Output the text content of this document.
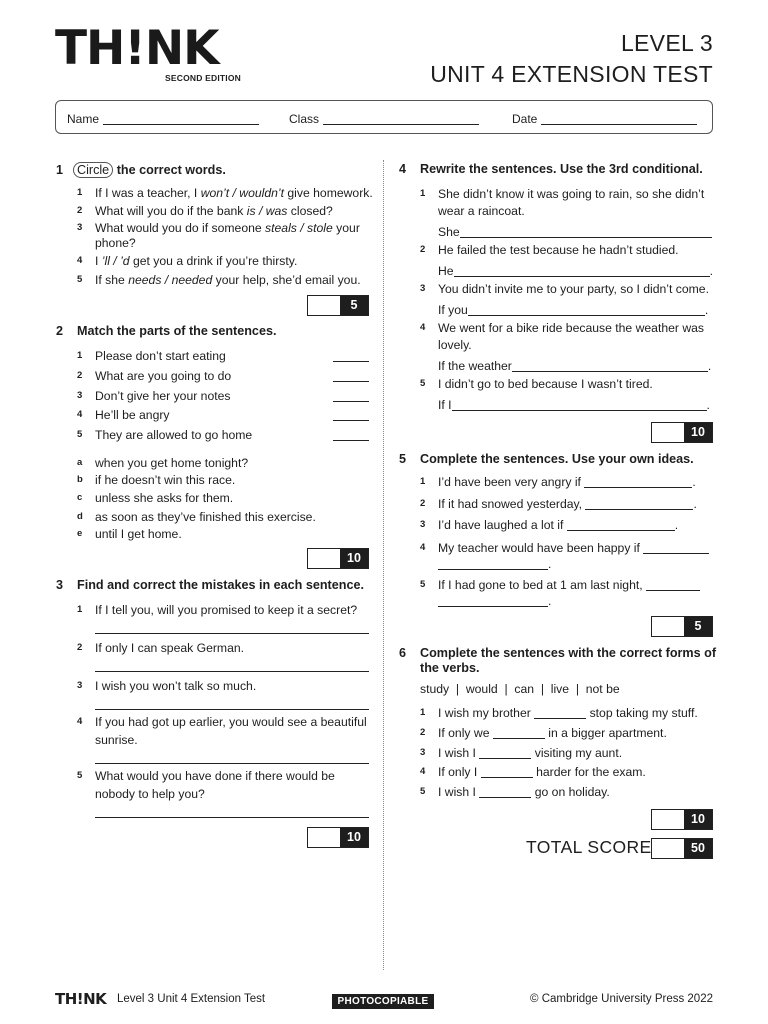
TH!NK
SECOND EDITION
LEVEL 3
UNIT 4 EXTENSION TEST
Name	Class	Date
1 Circle the correct words.
1 If I was a teacher, I won’t / wouldn’t give homework.
2 What will you do if the bank is / was closed?
3 What would you do if someone steals / stole your
phone?
4 I ’ll / ’d get you a drink if you’re thirsty.
5 If she needs / needed your help, she’d email you.
5
2 Match the parts of the sentences.
1 Please don’t start eating
2 What are you going to do
3 Don’t give her your notes
4 He’ll be angry
5 They are allowed to go home
a when you get home tonight?
b if he doesn’t win this race.
c unless she asks for them.
d as soon as they’ve finished this exercise.
e until I get home.
10
3 Find and correct the mistakes in each sentence.
1 If I tell you, will you promised to keep it a secret?
2 If only I can speak German.
3 I wish you won’t talk so much.
4 If you had got up earlier, you would see a beautiful
sunrise.
5 What would you have done if there would be
nobody to help you?
10
4 Rewrite the sentences. Use the 3rd conditional.
1 She didn’t know it was going to rain, so she didn’t
wear a raincoat.
She
2 He failed the test because he hadn’t studied.
He	.
3 You didn’t invite me to your party, so I didn’t come.
If you	.
4 We went for a bike ride because the weather was
lovely.
If the weather	.
5 I didn’t go to bed because I wasn’t tired.
If I	.
10
5 Complete the sentences. Use your own ideas.
1 I’d have been very angry if	.
2 If it had snowed yesterday,	.
3 I’d have laughed a lot if	.
4 My teacher would have been happy if
.
5 If I had gone to bed at 1 am last night,
.
5
6 Complete the sentences with the correct forms of
the verbs.
study  |  would  |  can  |  live  |  not be
1 I wish my brother	stop taking my stuff.
2 If only we	in a bigger apartment.
3 I wish I	visiting my aunt.
4 If only I	harder for the exam.
5 I wish I	go on holiday.
10
TOTAL SCORE	50
TH!NK Level 3 Unit 4 Extension Test	PHOTOCOPIABLE	© Cambridge University Press 2022
